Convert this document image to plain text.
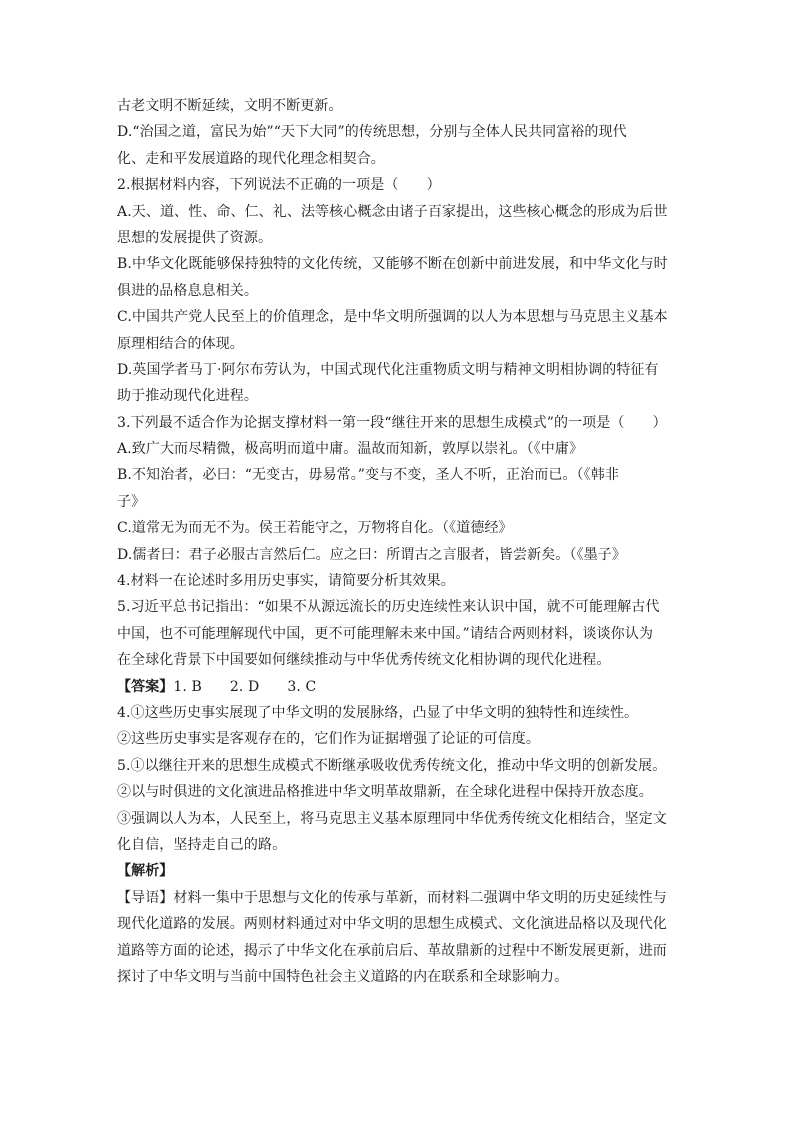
古老文明不断延续，文明不断更新。
D.“治国之道，富民为始”“天下大同”的传统思想，分别与全体人民共同富裕的现代
化、走和平发展道路的现代化理念相契合。
2.根据材料内容，下列说法不正确的一项是（　　）
A.天、道、性、命、仁、礼、法等核心概念由诸子百家提出，这些核心概念的形成为后世
思想的发展提供了资源。
B.中华文化既能够保持独特的文化传统，又能够不断在创新中前进发展，和中华文化与时
俱进的品格息息相关。
C.中国共产党人民至上的价值理念，是中华文明所强调的以人为本思想与马克思主义基本
原理相结合的体现。
D.英国学者马丁·阿尔布劳认为，中国式现代化注重物质文明与精神文明相协调的特征有
助于推动现代化进程。
3.下列最不适合作为论据支撑材料一第一段“继往开来的思想生成模式”的一项是（　　）
A.致广大而尽精微，极高明而道中庸。温故而知新，敦厚以崇礼。（《中庸》
B.不知治者，必曰：“无变古，毋易常。”变与不变，圣人不听，正治而已。（《韩非
子》
C.道常无为而无不为。侯王若能守之，万物将自化。（《道德经》
D.儒者曰：君子必服古言然后仁。应之曰：所谓古之言服者，皆尝新矣。（《墨子》
4.材料一在论述时多用历史事实，请简要分析其效果。
5.习近平总书记指出：“如果不从源远流长的历史连续性来认识中国，就不可能理解古代
中国，也不可能理解现代中国，更不可能理解未来中国。”请结合两则材料，谈谈你认为
在全球化背景下中国要如何继续推动与中华优秀传统文化相协调的现代化进程。
【答案】1. B 2. D 3. C
4.①这些历史事实展现了中华文明的发展脉络，凸显了中华文明的独特性和连续性。
②这些历史事实是客观存在的，它们作为证据增强了论证的可信度。
5.①以继往开来的思想生成模式不断继承吸收优秀传统文化，推动中华文明的创新发展。
②以与时俱进的文化演进品格推进中华文明革故鼎新，在全球化进程中保持开放态度。
③强调以人为本，人民至上，将马克思主义基本原理同中华优秀传统文化相结合，坚定文
化自信，坚持走自己的路。
【解析】
【导语】材料一集中于思想与文化的传承与革新，而材料二强调中华文明的历史延续性与
现代化道路的发展。两则材料通过对中华文明的思想生成模式、文化演进品格以及现代化
道路等方面的论述，揭示了中华文化在承前启后、革故鼎新的过程中不断发展更新，进而
探讨了中华文明与当前中国特色社会主义道路的内在联系和全球影响力。
